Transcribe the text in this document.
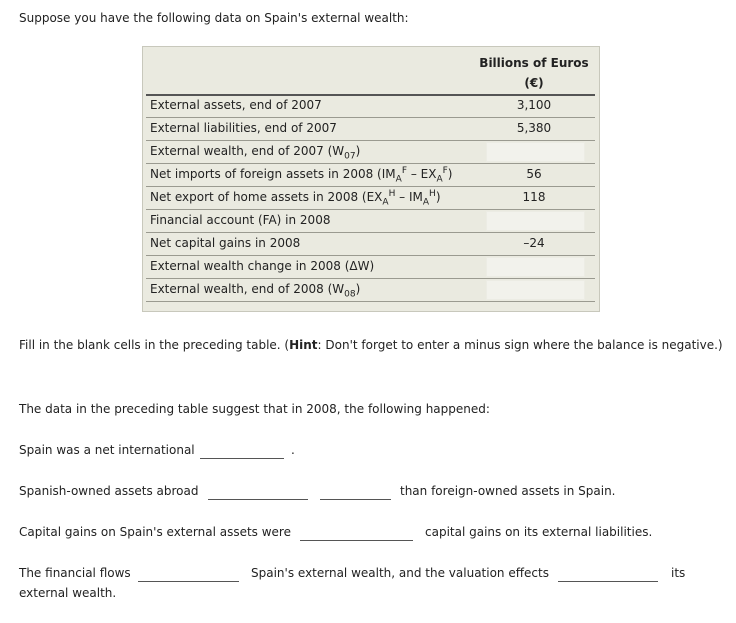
Suppose you have the following data on Spain's external wealth:
Billions of Euros
(€)
External assets, end of 2007	3,100
External liabilities, end of 2007	5,380
External wealth, end of 2007 $(W_{07})$
Net imports of foreign assets in 2008 $(IM_A^F - EX_A^F)$	56
Net export of home assets in 2008 $(EX_A^H - IM_A^H)$	118
Financial account (FA) in 2008
Net capital gains in 2008	–24
External wealth change in 2008 (ΔW)
External wealth, end of 2008 $(W_{08})$
Fill in the blank cells in the preceding table. (Hint: Don't forget to enter a minus sign where the balance is negative.)
The data in the preceding table suggest that in 2008, the following happened:
Spain was a net international	.
Spanish-owned assets abroad	than foreign-owned assets in Spain.
Capital gains on Spain's external assets were	capital gains on its external liabilities.
The financial flows	Spain's external wealth, and the valuation effects	its
external wealth.
